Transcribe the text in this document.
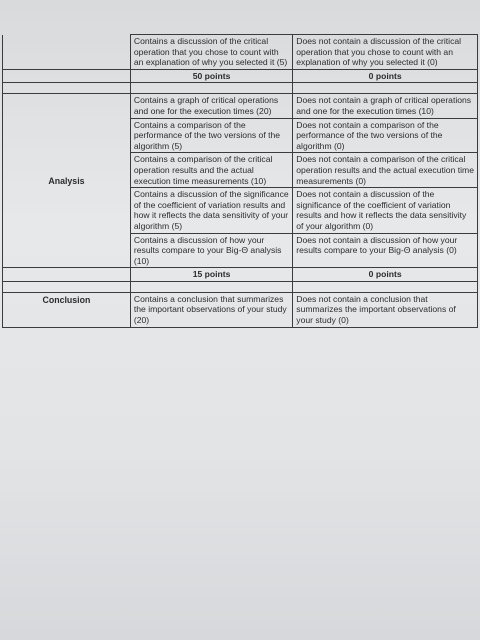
	Contains a discussion of the critical operation that you chose to count with an explanation of why you selected it (5)	Does not contain a discussion of the critical operation that you chose to count with an explanation of why you selected it (0)
	50 points	0 points

Analysis	Contains a graph of critical operations and one for the execution times (20)	Does not contain a graph of critical operations and one for the execution times (10)
	Contains a comparison of the performance of the two versions of the algorithm (5)	Does not contain a comparison of the performance of the two versions of the algorithm (0)
	Contains a comparison of the critical operation results and the actual execution time measurements (10)	Does not contain a comparison of the critical operation results and the actual execution time measurements (0)
	Contains a discussion of the significance of the coefficient of variation results and how it reflects the data sensitivity of your algorithm (5)	Does not contain a discussion of the significance of the coefficient of variation results and how it reflects the data sensitivity of your algorithm (0)
	Contains a discussion of how your results compare to your Big-Θ analysis (10)	Does not contain a discussion of how your results compare to your Big-Θ analysis (0)
	15 points	0 points

Conclusion	Contains a conclusion that summarizes the important observations of your study (20)	Does not contain a conclusion that summarizes the important observations of your study (0)
